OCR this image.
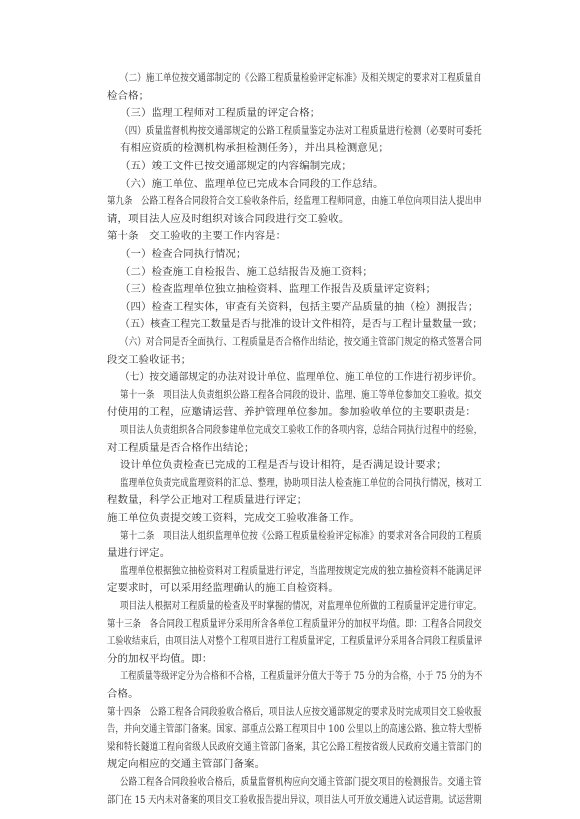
（二）施工单位按交通部制定的《公路工程质量检验评定标准》及相关规定的要求对工程质量自
检合格；
（三）监理工程师对工程质量的评定合格；
（四）质量监督机构按交通部规定的公路工程质量鉴定办法对工程质量进行检测（必要时可委托
有相应资质的检测机构承担检测任务），并出具检测意见；
（五）竣工文件已按交通部规定的内容编制完成；
（六）施工单位、监理单位已完成本合同段的工作总结。
第九条　公路工程各合同段符合交工验收条件后，经监理工程师同意，由施工单位向项目法人提出申
请，项目法人应及时组织对该合同段进行交工验收。
第十条　交工验收的主要工作内容是：
（一）检查合同执行情况；
（二）检查施工自检报告、施工总结报告及施工资料；
（三）检查监理单位独立抽检资料、监理工作报告及质量评定资料；
（四）检查工程实体，审查有关资料，包括主要产品质量的抽（检）测报告；
（五）核查工程完工数量是否与批准的设计文件相符，是否与工程计量数量一致；
（六）对合同是否全面执行、工程质量是否合格作出结论，按交通主管部门规定的格式签署合同
段交工验收证书；
（七）按交通部规定的办法对设计单位、监理单位、施工单位的工作进行初步评价。
第十一条　项目法人负责组织公路工程各合同段的设计、监理、施工等单位参加交工验收。拟交
付使用的工程，应邀请运营、养护管理单位参加。参加验收单位的主要职责是：
项目法人负责组织各合同段参建单位完成交工验收工作的各项内容，总结合同执行过程中的经验，
对工程质量是否合格作出结论；
设计单位负责检查已完成的工程是否与设计相符，是否满足设计要求；
监理单位负责完成监理资料的汇总、整理，协助项目法人检查施工单位的合同执行情况，核对工
程数量，科学公正地对工程质量进行评定；
施工单位负责提交竣工资料，完成交工验收准备工作。
第十二条　项目法人组织监理单位按《公路工程质量检验评定标准》的要求对各合同段的工程质
量进行评定。
监理单位根据独立抽检资料对工程质量进行评定，当监理按规定完成的独立抽检资料不能满足评
定要求时，可以采用经监理确认的施工自检资料。
项目法人根据对工程质量的检查及平时掌握的情况，对监理单位所做的工程质量评定进行审定。
第十三条　各合同段工程质量评分采用所含各单位工程质量评分的加权平均值。即：工程各合同段交
工验收结束后，由项目法人对整个工程项目进行工程质量评定，工程质量评分采用各合同段工程质量评
分的加权平均值。即：
工程质量等级评定分为合格和不合格，工程质量评分值大于等于 75 分的为合格，小于 75 分的为不
合格。
第十四条　公路工程各合同段验收合格后，项目法人应按交通部规定的要求及时完成项目交工验收报
告，并向交通主管部门备案。国家、部重点公路工程项目中 100 公里以上的高速公路、独立特大型桥
梁和特长隧道工程向省级人民政府交通主管部门备案，其它公路工程按省级人民政府交通主管部门的
规定向相应的交通主管部门备案。
公路工程各合同段验收合格后，质量监督机构应向交通主管部门提交项目的检测报告。交通主管
部门在 15 天内未对备案的项目交工验收报告提出异议，项目法人可开放交通进入试运营期。试运营期
